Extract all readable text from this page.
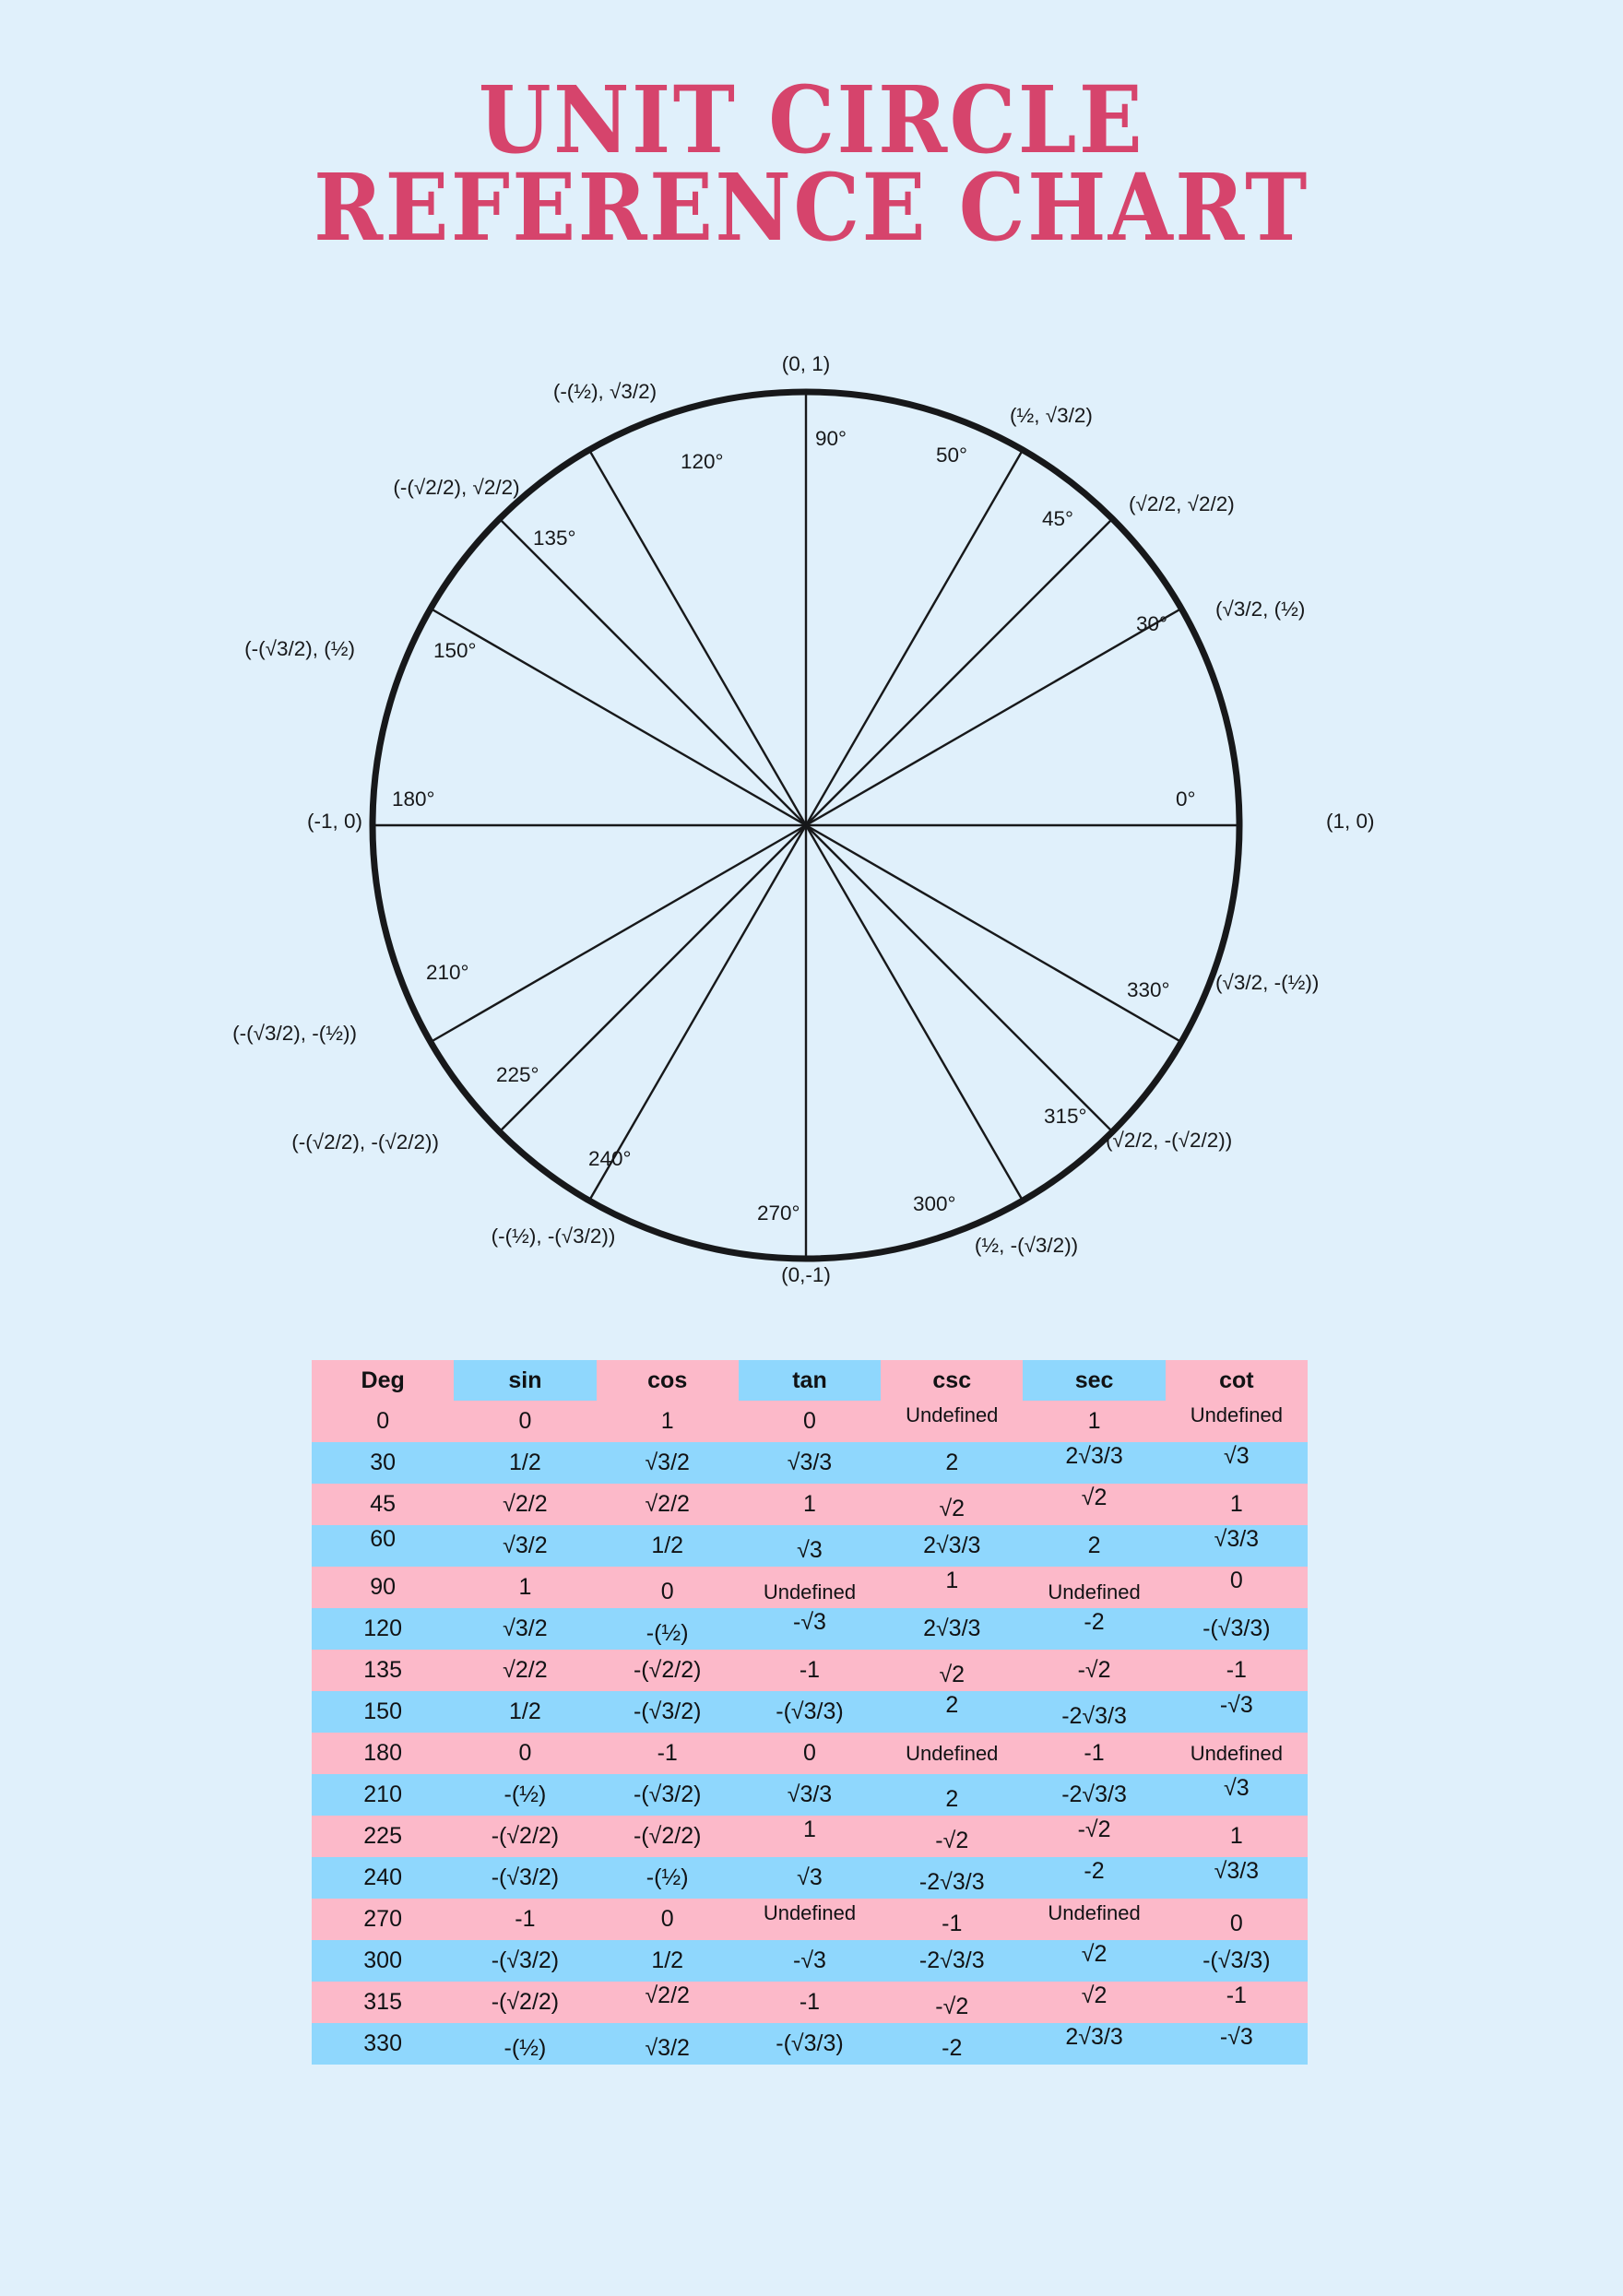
UNIT CIRCLE
REFERENCE CHART
0°
(1, 0)
30°
(√3/2, (½)
45°
(√2/2, √2/2)
50°
(½, √3/2)
90°
(0, 1)
120°
(-(½), √3/2)
135°
(-(√2/2), √2/2)
150°
(-(√3/2), (½)
180°
(-1, 0)
210°
(-(√3/2), -(½))
225°
(-(√2/2), -(√2/2))
240°
(-(½), -(√3/2))
270°
(0,-1)
300°
(½, -(√3/2))
315°
(√2/2, -(√2/2))
330° (√3/2, -(½))
Deg	sin	cos	tan	csc	sec	cot
0	0	1	0	Undefined	1	Undefined
30	1/2	√3/2	√3/3	2	2√3/3	√3
45	√2/2	√2/2	1	√2	√2	1
60	√3/2	1/2	√3	2√3/3	2	√3/3
90	1	0	Undefined	1	Undefined	0
120	√3/2	-(½)	-√3	2√3/3	-2	-(√3/3)
135	√2/2	-(√2/2)	-1	√2	-√2	-1
150	1/2	-(√3/2)	-(√3/3)	2	-2√3/3	-√3
180	0	-1	0	Undefined	-1	Undefined
210	-(½)	-(√3/2)	√3/3	2	-2√3/3	√3
225	-(√2/2)	-(√2/2)	1	-√2	-√2	1
240	-(√3/2)	-(½)	√3	-2√3/3	-2	√3/3
270	-1	0	Undefined	-1	Undefined	0
300	-(√3/2)	1/2	-√3	-2√3/3	√2	-(√3/3)
315	-(√2/2)	√2/2	-1	-√2	√2	-1
330	-(½)	√3/2	-(√3/3)	-2	2√3/3	-√3
